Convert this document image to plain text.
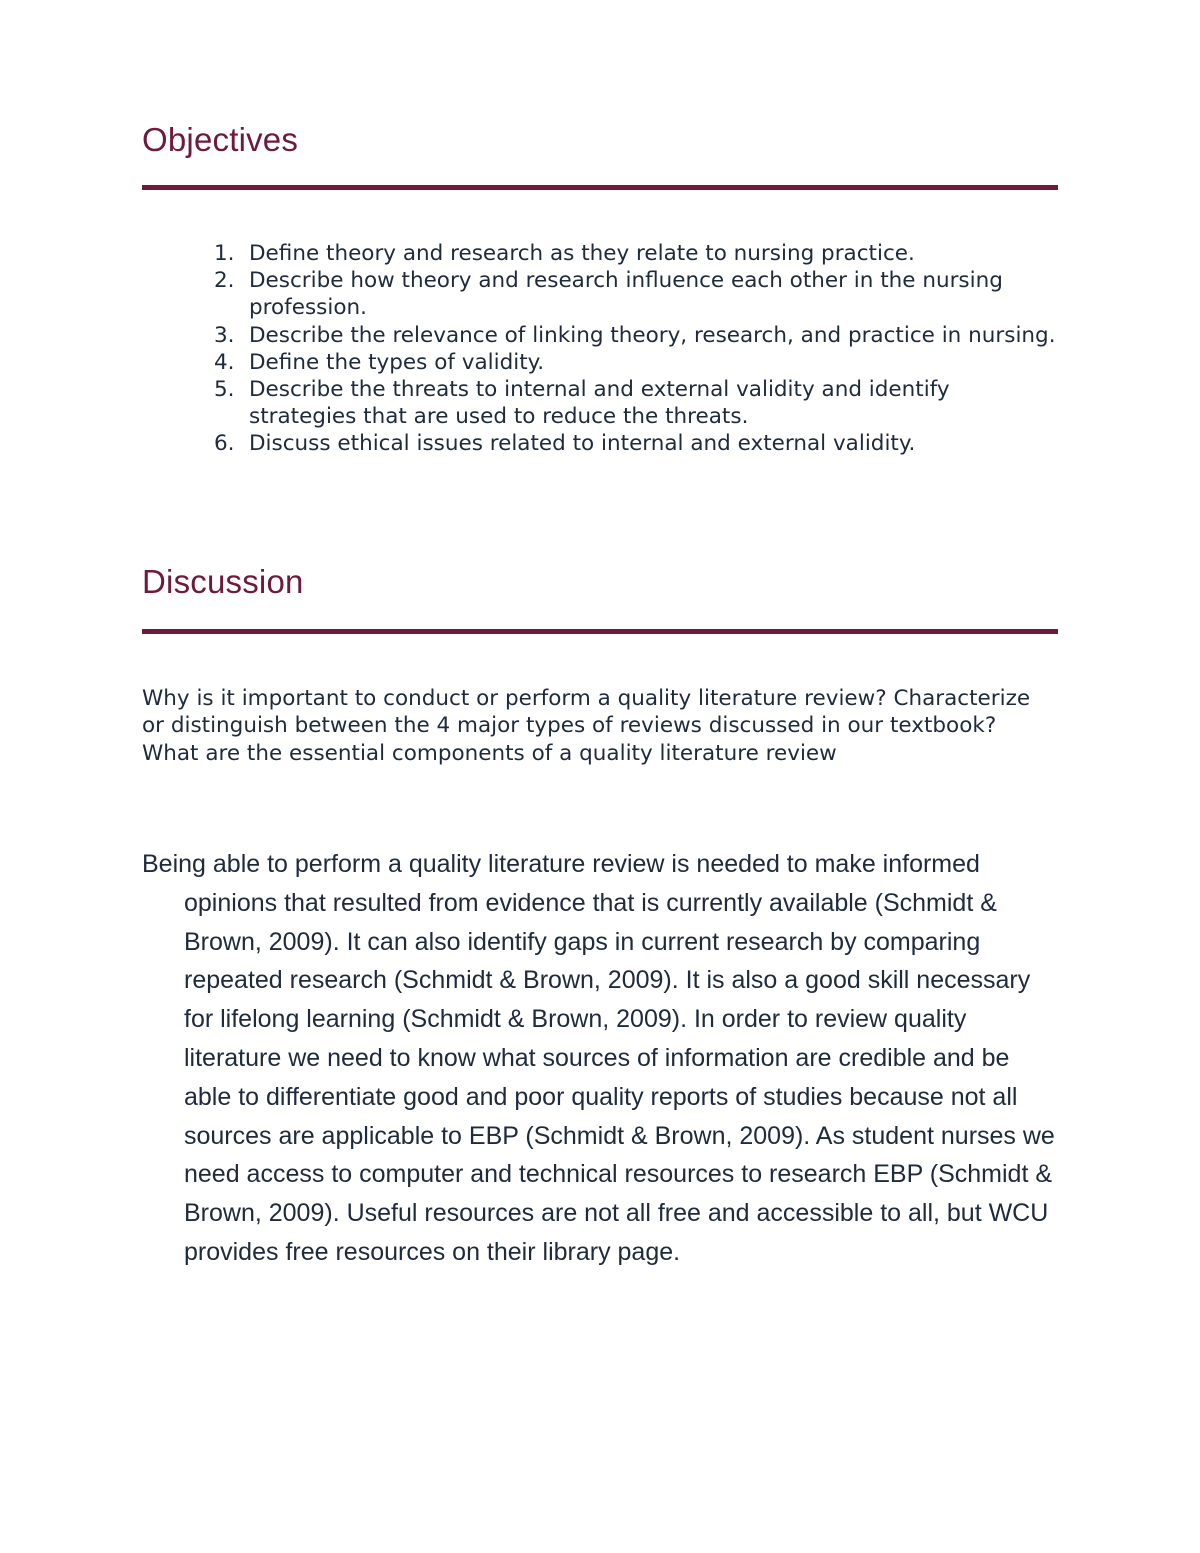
Objectives
1. Define theory and research as they relate to nursing practice.
2. Describe how theory and research influence each other in the nursing profession.
3. Describe the relevance of linking theory, research, and practice in nursing.
4. Define the types of validity.
5. Describe the threats to internal and external validity and identify strategies that are used to reduce the threats.
6. Discuss ethical issues related to internal and external validity.
Discussion

Why is it important to conduct or perform a quality literature review? Characterize or distinguish between the 4 major types of reviews discussed in our textbook? What are the essential components of a quality literature review

Being able to perform a quality literature review is needed to make informed opinions that resulted from evidence that is currently available (Schmidt & Brown, 2009). It can also identify gaps in current research by comparing repeated research (Schmidt & Brown, 2009). It is also a good skill necessary for lifelong learning (Schmidt & Brown, 2009). In order to review quality literature we need to know what sources of information are credible and be able to differentiate good and poor quality reports of studies because not all sources are applicable to EBP (Schmidt & Brown, 2009). As student nurses we need access to computer and technical resources to research EBP (Schmidt & Brown, 2009). Useful resources are not all free and accessible to all, but WCU provides free resources on their library page.
